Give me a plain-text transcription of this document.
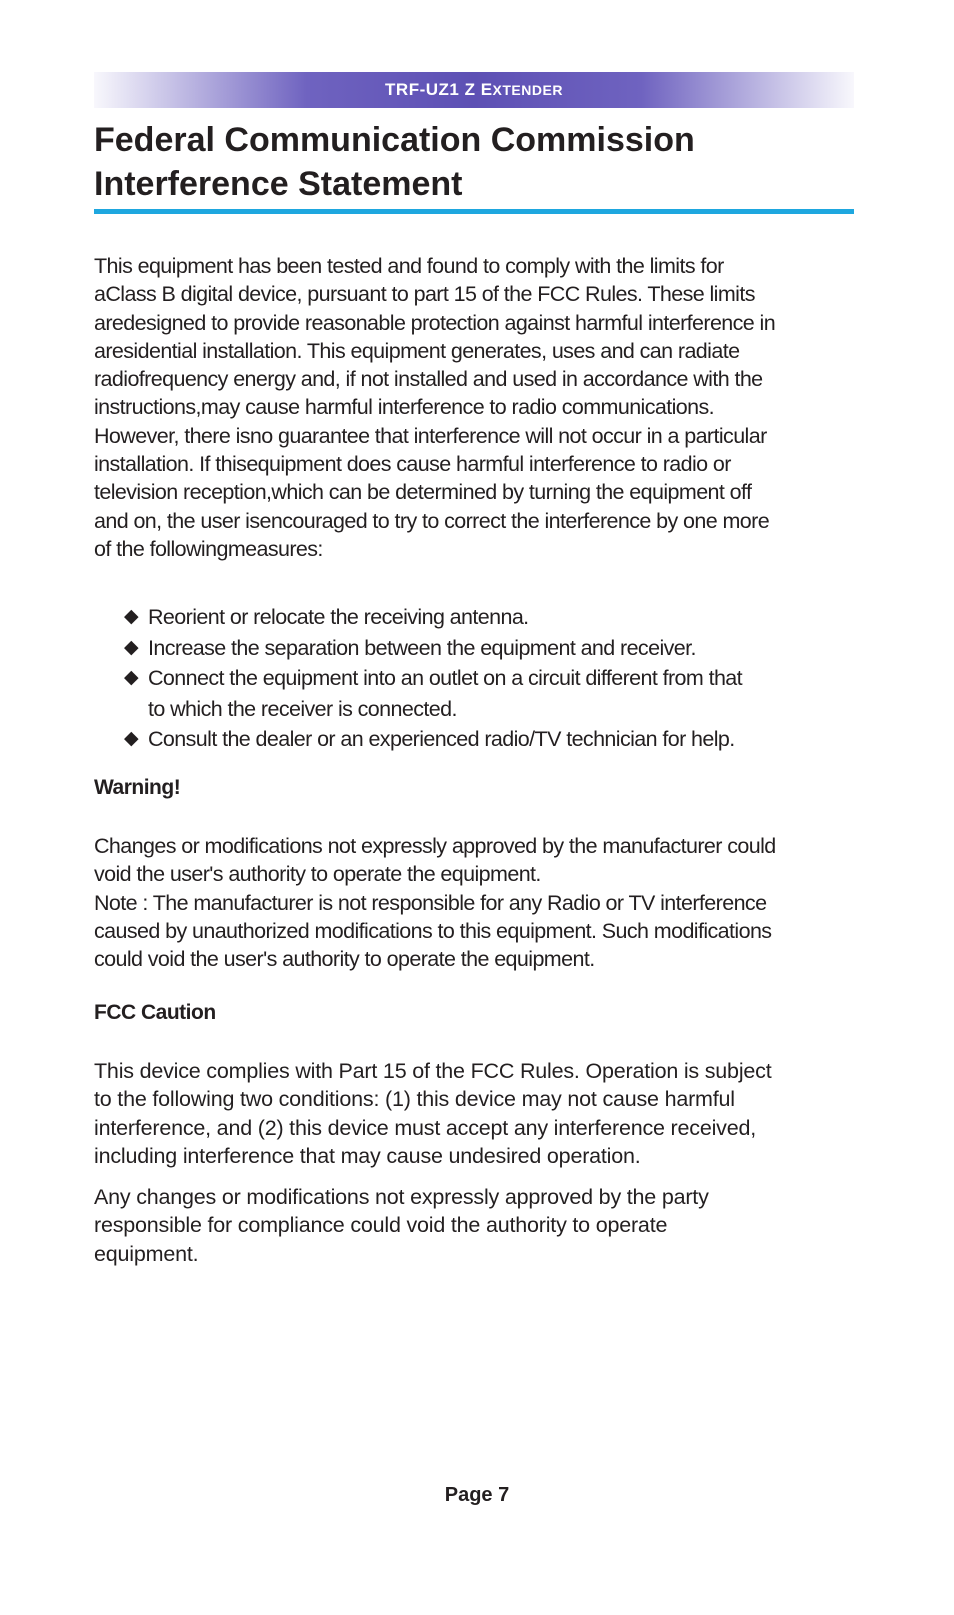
TRF-UZ1 Z EXTENDER
Federal Communication Commission
Interference Statement

This equipment has been tested and found to comply with the limits for
aClass B digital device, pursuant to part 15 of the FCC Rules. These limits
aredesigned to provide reasonable protection against harmful interference in
aresidential installation. This equipment generates, uses and can radiate
radiofrequency energy and, if not installed and used in accordance with the
instructions,may cause harmful interference to radio communications.
However, there isno guarantee that interference will not occur in a particular
installation. If thisequipment does cause harmful interference to radio or
television reception,which can be determined by turning the equipment off
and on, the user isencouraged to try to correct the interference by one more
of the followingmeasures:

◆ Reorient or relocate the receiving antenna.
◆ Increase the separation between the equipment and receiver.
◆ Connect the equipment into an outlet on a circuit different from that
to which the receiver is connected.
◆ Consult the dealer or an experienced radio/TV technician for help.
Warning!

Changes or modifications not expressly approved by the manufacturer could
void the user's authority to operate the equipment.
Note : The manufacturer is not responsible for any Radio or TV interference
caused by unauthorized modifications to this equipment. Such modifications
could void the user's authority to operate the equipment.

FCC Caution

This device complies with Part 15 of the FCC Rules. Operation is subject
to the following two conditions: (1) this device may not cause harmful
interference, and (2) this device must accept any interference received,
including interference that may cause undesired operation.

Any changes or modifications not expressly approved by the party
responsible for compliance could void the authority to operate
equipment.

Page 7
